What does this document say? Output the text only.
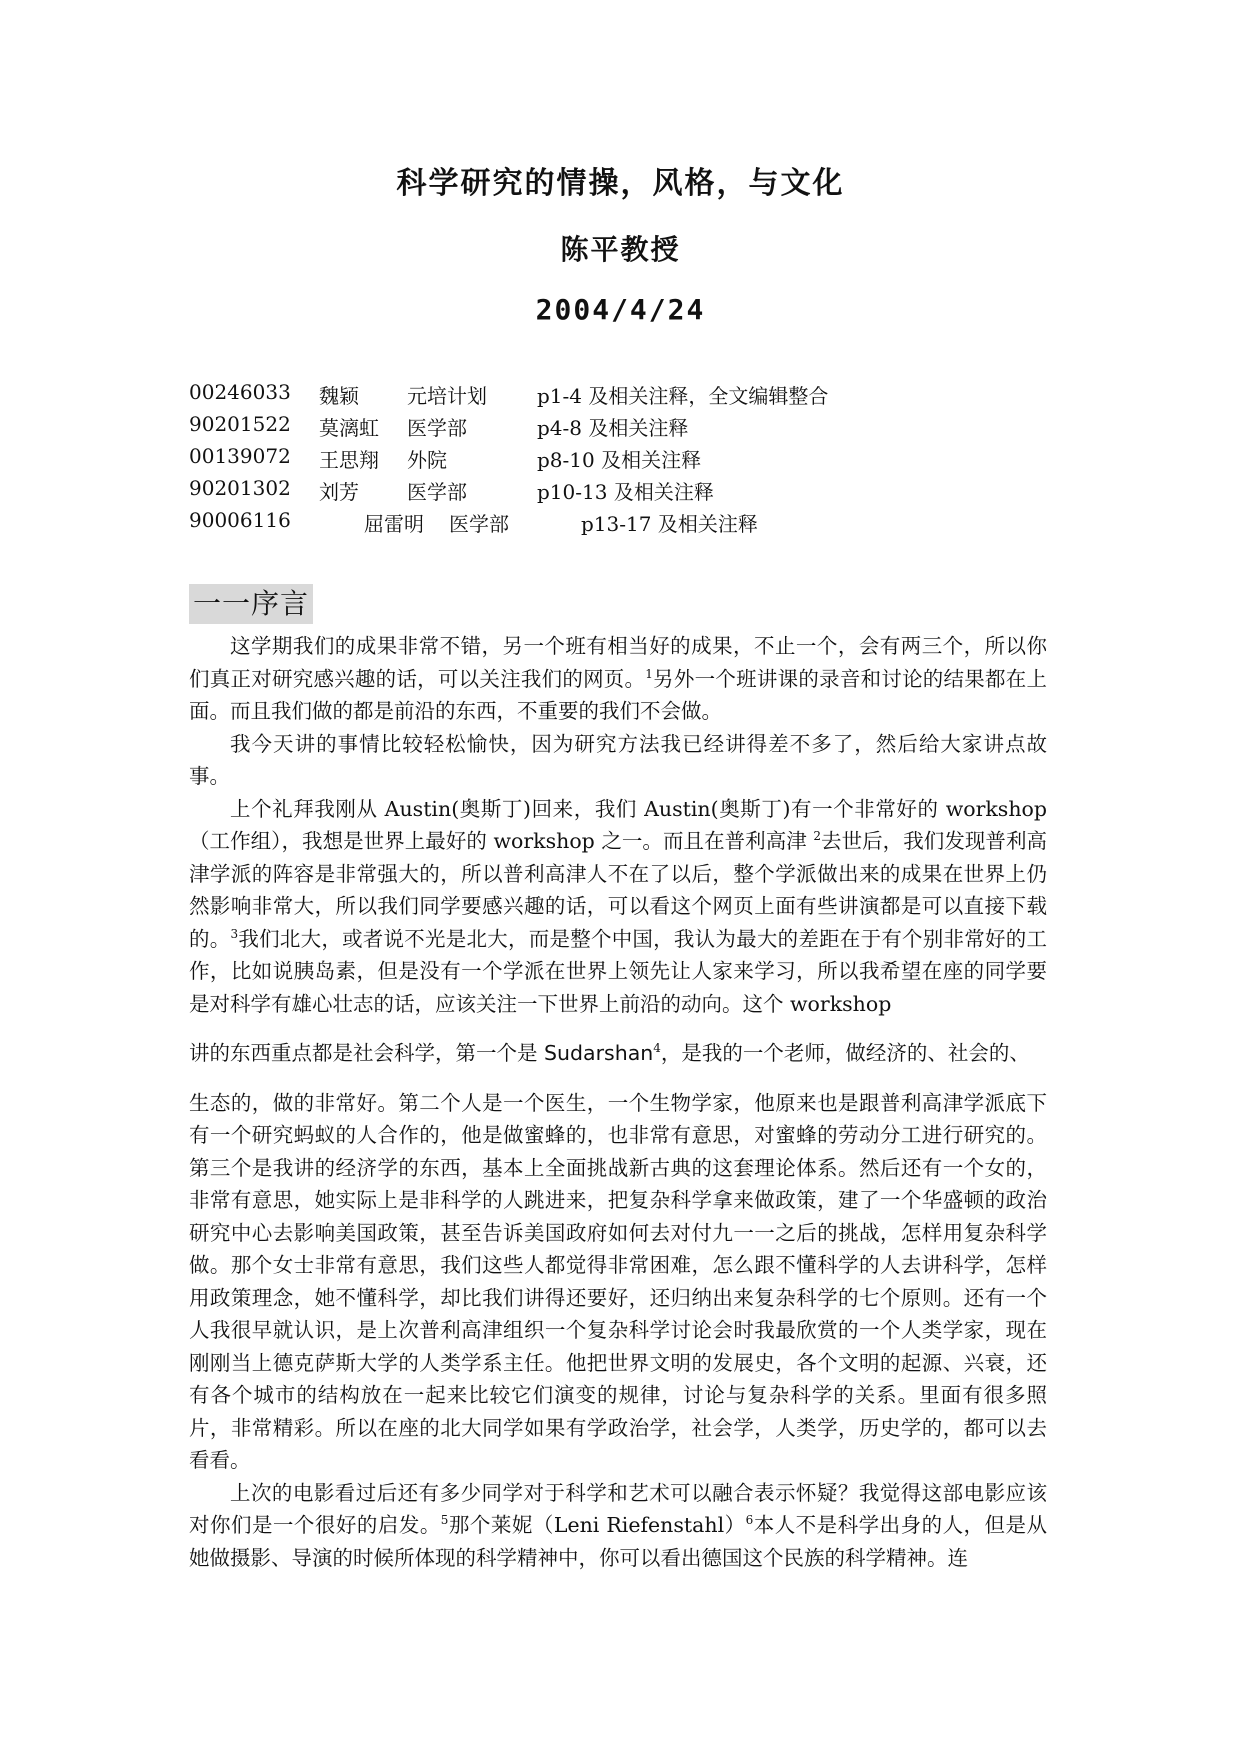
科学研究的情操，风格，与文化
陈平教授
2004/4/24
00246033 魏颖 元培计划	p1-4 及相关注释，全文编辑整合
90201522 莫漓虹 医学部	p4-8 及相关注释
00139072 王思翔 外院	p8-10 及相关注释
90201302 刘芳 医学部	p10-13 及相关注释
90006116	屈雷明 医学部	p13-17 及相关注释
一一序言

这学期我们的成果非常不错，另一个班有相当好的成果，不止一个，会有两三个，所以你们真正对研究感兴趣的话，可以关注我们的网页。$^1$另外一个班讲课的录音和讨论的结果都在上面。而且我们做的都是前沿的东西，不重要的我们不会做。

我今天讲的事情比较轻松愉快，因为研究方法我已经讲得差不多了，然后给大家讲点故事。

上个礼拜我刚从 Austin(奥斯丁)回来，我们 Austin(奥斯丁)有一个非常好的 workshop（工作组），我想是世界上最好的 workshop 之一。而且在普利高津 $^2$去世后，我们发现普利高津学派的阵容是非常强大的，所以普利高津人不在了以后，整个学派做出来的成果在世界上仍然影响非常大，所以我们同学要感兴趣的话，可以看这个网页上面有些讲演都是可以直接下载的。$^3$我们北大，或者说不光是北大，而是整个中国，我认为最大的差距在于有个别非常好的工作，比如说胰岛素，但是没有一个学派在世界上领先让人家来学习，所以我希望在座的同学要是对科学有雄心壮志的话，应该关注一下世界上前沿的动向。这个 workshop

讲的东西重点都是社会科学，第一个是 Sudarshan$^4$，是我的一个老师，做经济的、社会的、

生态的，做的非常好。第二个人是一个医生，一个生物学家，他原来也是跟普利高津学派底下有一个研究蚂蚁的人合作的，他是做蜜蜂的，也非常有意思，对蜜蜂的劳动分工进行研究的。第三个是我讲的经济学的东西，基本上全面挑战新古典的这套理论体系。然后还有一个女的，非常有意思，她实际上是非科学的人跳进来，把复杂科学拿来做政策，建了一个华盛顿的政治研究中心去影响美国政策，甚至告诉美国政府如何去对付九一一之后的挑战，怎样用复杂科学做。那个女士非常有意思，我们这些人都觉得非常困难，怎么跟不懂科学的人去讲科学，怎样用政策理念，她不懂科学，却比我们讲得还要好，还归纳出来复杂科学的七个原则。还有一个人我很早就认识，是上次普利高津组织一个复杂科学讨论会时我最欣赏的一个人类学家，现在刚刚当上德克萨斯大学的人类学系主任。他把世界文明的发展史，各个文明的起源、兴衰，还有各个城市的结构放在一起来比较它们演变的规律，讨论与复杂科学的关系。里面有很多照片，非常精彩。所以在座的北大同学如果有学政治学，社会学，人类学，历史学的，都可以去看看。

上次的电影看过后还有多少同学对于科学和艺术可以融合表示怀疑？我觉得这部电影应该对你们是一个很好的启发。$^5$那个莱妮（Leni Riefenstahl）$^6$本人不是科学出身的人，但是从她做摄影、导演的时候所体现的科学精神中，你可以看出德国这个民族的科学精神。连
